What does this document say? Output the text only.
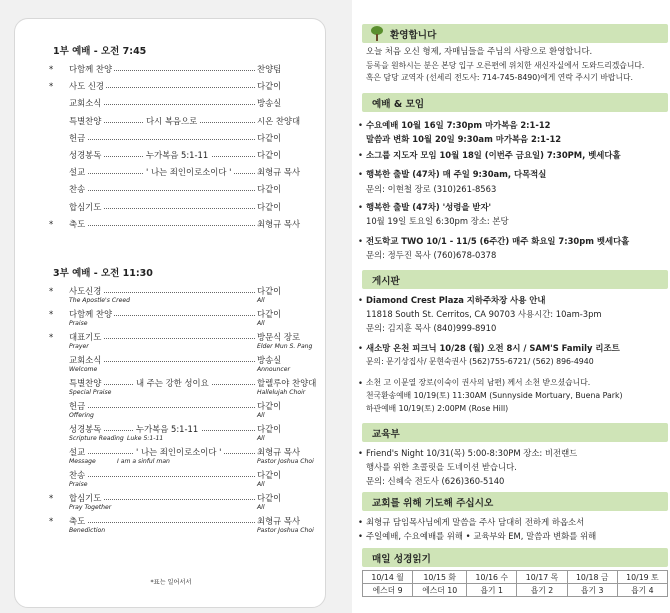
1부 예배 - 오전 7:45
* 다함께 찬양	찬양팀
* 사도 신경	다같이
교회소식	방송실
특별찬양	다시 복음으로	시온 찬양대
헌금	다같이
성경봉독	누가복음 5:1-11	다같이
설교	' 나는 죄인이로소이다 '	최형규 목사
찬송	다같이
합심기도	다같이
* 축도	최형규 목사
3부 예배 - 오전 11:30
* 사도신경	다같이
The Apostle's Creed	All
* 다함께 찬양	다같이
Praise	All
* 대표기도	방문식 장로
Prayer	Elder Mun S. Pang
교회소식	방송실
Welcome	Announcer
특별찬양	내 주는 강한 성이요	할렐루야 찬양대
Special Praise	Hallelujah Choir
헌금	다같이
Offering	All
성경봉독	누가복음 5:1-11	다같이
Scripture Reading Luke 5:1-11	All
설교	' 나는 죄인이로소이다 '	최형규 목사
Message	I am a sinful man	Pastor Joshua Choi
찬송	다같이
Praise	All
* 합심기도	다같이
Pray Together	All
* 축도	최형규 목사
Benediction	Pastor Joshua Choi
*표는 일어서서
환영합니다
오늘 처음 오신 형제, 자매님들을 주님의 사랑으로 환영합니다.
등록을 원하시는 분은 본당 입구 오른편에 위치한 새신자실에서 도와드리겠습니다.
혹은 담당 교역자 (선세리 전도사: 714-745-8490)에게 연락 주시기 바랍니다.
예배 & 모임
• 수요예배 10월 16일 7:30pm 마가복음 2:1-12
말씀과 변화 10월 20일 9:30am 마가복음 2:1-12
• 소그룹 지도자 모임 10월 18일 (이번주 금요일) 7:30PM, 벳세다홀
• 행복한 출발 (47차) 매 주일 9:30am, 다목적실
문의: 이현철 장로 (310)261-8563
• 행복한 출발 (47차) '성령을 받자'
10월 19일 토요일 6:30pm 장소: 본당
• 전도학교 TWO 10/1 - 11/5 (6주간) 매주 화요일 7:30pm 벳세다홀
문의: 정두진 목사 (760)678-0378
게시판
• Diamond Crest Plaza 지하주차장 사용 안내
11818 South St. Cerritos, CA 90703 사용시간: 10am-3pm
문의: 김지훈 목사 (840)999-8910
• 새소망 온천 피크닉 10/28 (월) 오전 8시 / SAM'S Family 리조트
문의: 문기상집사/ 문현숙권사 (562)755-6721/ (562) 896-4940
• 소천 고 이문열 장로(이숙이 권사의 남편) 께서 소천 받으셨습니다.
천국환송예배 10/19(토) 11:30AM (Sunnyside Mortuary, Buena Park)
하관예배 10/19(토) 2:00PM (Rose Hill)
교육부
• Friend's Night 10/31(목) 5:00-8:30PM 장소: 비전랜드
행사를 위한 초콜릿을 도네이션 받습니다.
문의: 신혜숙 전도사 (626)360-5140
교회를 위해 기도해 주십시오
• 최형규 담임목사님에게 말씀을 주사 담대히 전하게 하옵소서
• 주일예배, 수요예배를 위해 • 교육부와 EM, 말씀과 변화를 위해
매일 성경읽기
10/14 월	10/15 화	10/16 수	10/17 목	10/18 금	10/19 토
에스더 9	에스더 10	욥기 1	욥기 2	욥기 3	욥기 4
